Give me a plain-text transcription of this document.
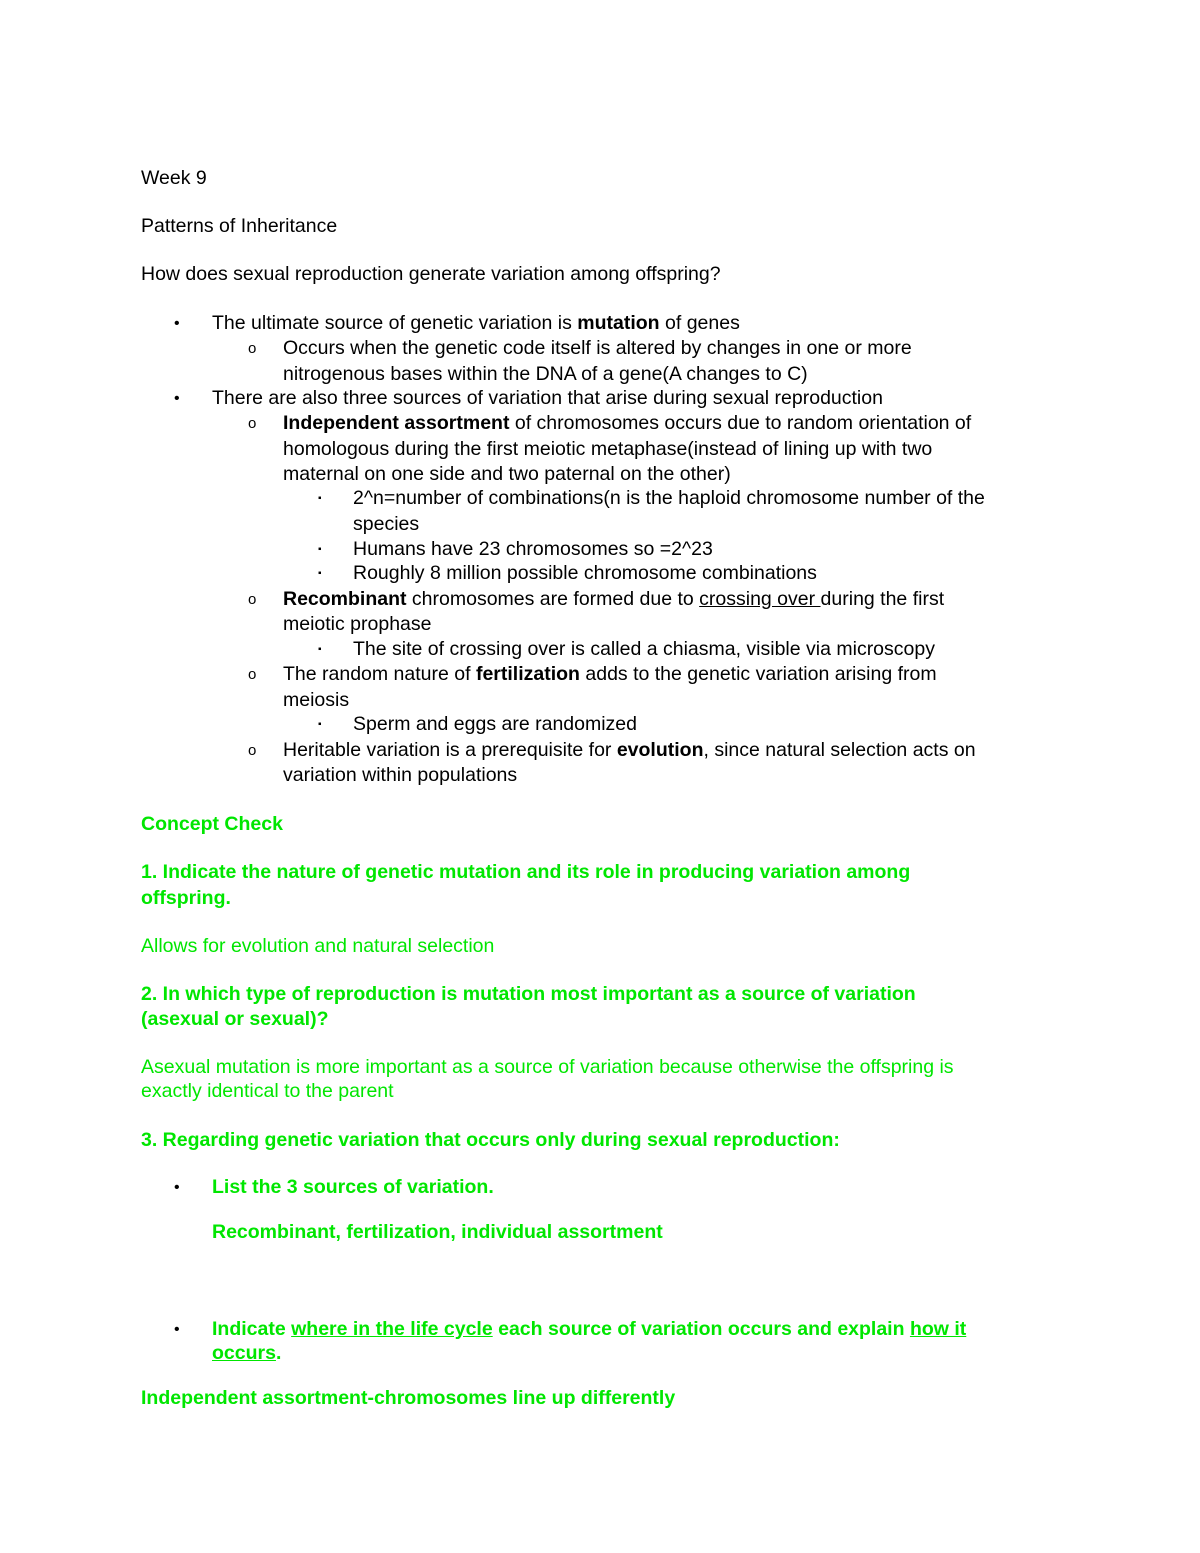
Week 9
Patterns of Inheritance
How does sexual reproduction generate variation among offspring?
• The ultimate source of genetic variation is mutation of genes
o Occurs when the genetic code itself is altered by changes in one or more
nitrogenous bases within the DNA of a gene(A changes to C)
• There are also three sources of variation that arise during sexual reproduction
o Independent assortment of chromosomes occurs due to random orientation of
homologous during the first meiotic metaphase(instead of lining up with two
maternal on one side and two paternal on the other)
▪ 2^n=number of combinations(n is the haploid chromosome number of the
species
▪ Humans have 23 chromosomes so =2^23
▪ Roughly 8 million possible chromosome combinations
o Recombinant chromosomes are formed due to crossing over during the first
meiotic prophase
▪ The site of crossing over is called a chiasma, visible via microscopy
o The random nature of fertilization adds to the genetic variation arising from
meiosis
▪ Sperm and eggs are randomized
o Heritable variation is a prerequisite for evolution, since natural selection acts on
variation within populations
Concept Check
1. Indicate the nature of genetic mutation and its role in producing variation among
offspring.
Allows for evolution and natural selection
2. In which type of reproduction is mutation most important as a source of variation
(asexual or sexual)?
Asexual mutation is more important as a source of variation because otherwise the offspring is
exactly identical to the parent
3. Regarding genetic variation that occurs only during sexual reproduction:
• List the 3 sources of variation.
Recombinant, fertilization, individual assortment
• Indicate where in the life cycle each source of variation occurs and explain how it
occurs.
Independent assortment-chromosomes line up differently
